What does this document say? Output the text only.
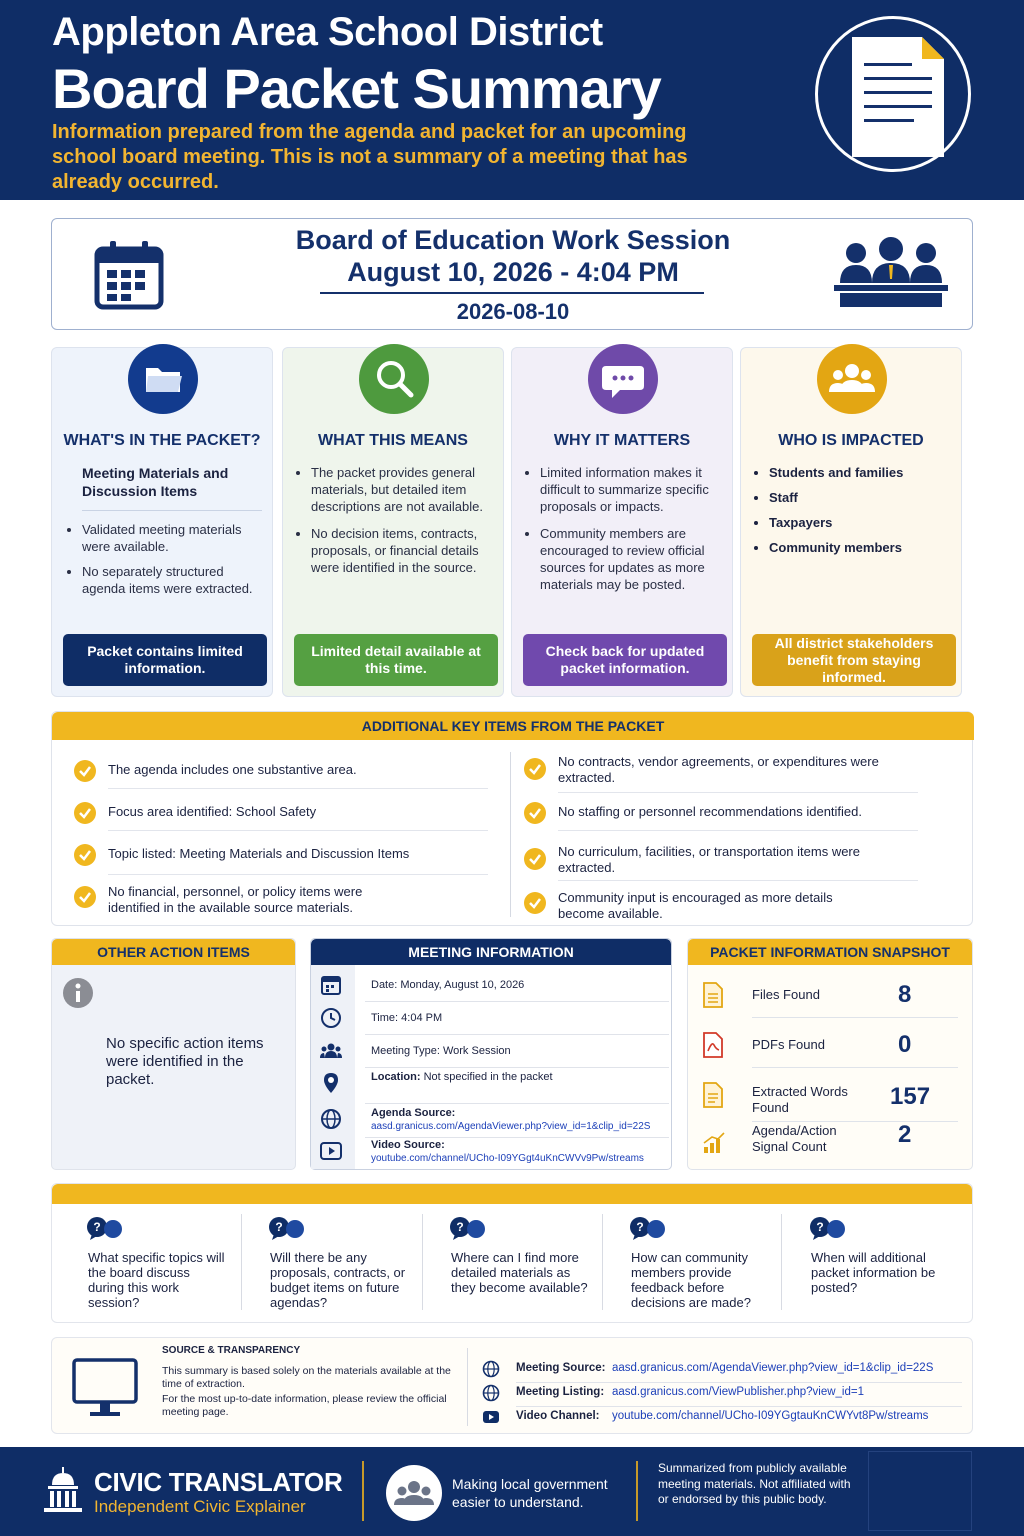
Appleton Area School District
Board Packet Summary
Information prepared from the agenda and packet for an upcoming school board meeting. This is not a summary of a meeting that has already occurred.
Board of Education Work Session
August 10, 2026 - 4:04 PM
2026-08-10
WHAT'S IN THE PACKET?
Meeting Materials and Discussion Items
• Validated meeting materials were available.
• No separately structured agenda items were extracted.
Packet contains limited information.
WHAT THIS MEANS
• The packet provides general materials, but detailed item descriptions are not available.
• No decision items, contracts, proposals, or financial details were identified in the source.
Limited detail available at this time.
WHY IT MATTERS
• Limited information makes it difficult to summarize specific proposals or impacts.
• Community members are encouraged to review official sources for updates as more materials may be posted.
Check back for updated packet information.
WHO IS IMPACTED
• Students and families
• Staff
• Taxpayers
• Community members
All district stakeholders benefit from staying informed.
ADDITIONAL KEY ITEMS FROM THE PACKET
The agenda includes one substantive area.
Focus area identified: School Safety
Topic listed: Meeting Materials and Discussion Items
No financial, personnel, or policy items were identified in the available source materials.
No contracts, vendor agreements, or expenditures were extracted.
No staffing or personnel recommendations identified.
No curriculum, facilities, or transportation items were extracted.
Community input is encouraged as more details become available.
OTHER ACTION ITEMS
No specific action items were identified in the packet.
MEETING INFORMATION
Date: Monday, August 10, 2026
Time: 4:04 PM
Meeting Type: Work Session
Location: Not specified in the packet
Agenda Source:
aasd.granicus.com/AgendaViewer.php?view_id=1&clip_id=22S
Video Source:
youtube.com/channel/UCho-I09YGgt4uKnCWVv9Pw/streams
PACKET INFORMATION SNAPSHOT
Files Found	8
PDFs Found	0
Extracted Words Found	157
Agenda/Action Signal Count	2
?
What specific topics will the board discuss during this work session?
?
Will there be any proposals, contracts, or budget items on future agendas?
?
Where can I find more detailed materials as they become available?
?
How can community members provide feedback before decisions are made?
?
When will additional packet information be posted?
SOURCE & TRANSPARENCY
This summary is based solely on the materials available at the time of extraction.
For the most up-to-date information, please review the official meeting page.
Meeting Source: aasd.granicus.com/AgendaViewer.php?view_id=1&clip_id=22S
Meeting Listing: aasd.granicus.com/ViewPublisher.php?view_id=1
Video Channel: youtube.com/channel/UCho-I09YGgtauKnCWYvt8Pw/streams
CIVIC TRANSLATOR
Independent Civic Explainer
Making local government easier to understand.
Summarized from publicly available meeting materials. Not affiliated with or endorsed by this public body.
